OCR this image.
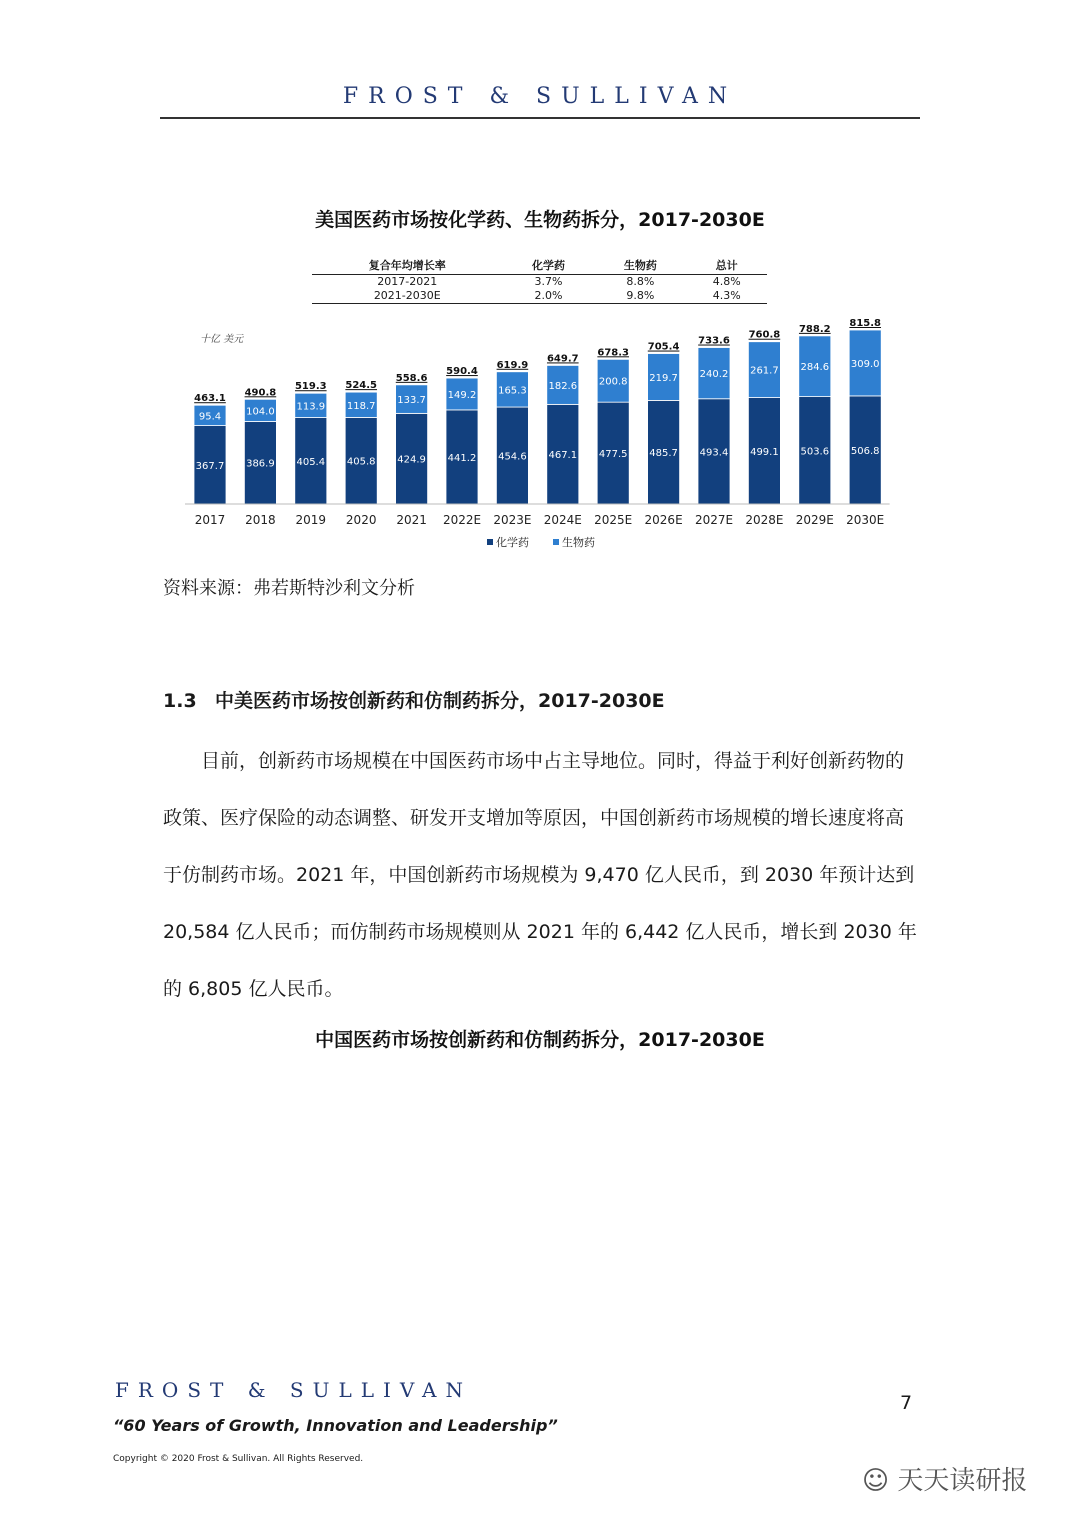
FROST & SULLIVAN
美国医药市场按化学药、生物药拆分，2017-2030E
复合年均增长率	化学药	生物药	总计
2017-2021	3.7%	8.8%	4.8%
2021-2030E	2.0%	9.8%	4.3%
十亿 美元
367.7
95.4
463.1
2017
386.9
104.0
490.8
2018
405.4
113.9
519.3
2019
405.8
118.7
524.5
2020
424.9
133.7
558.6
2021
441.2
149.2
590.4
2022E
454.6
165.3
619.9
2023E
467.1
182.6
649.7
2024E
477.5
200.8
678.3
2025E
485.7
219.7
705.4
2026E
493.4
240.2
733.6
2027E
499.1
261.7
760.8
2028E
503.6
284.6
788.2
2029E
506.8
309.0
815.8
2030E
化学药	生物药
资料来源：弗若斯特沙利文分析
1.3 中美医药市场按创新药和仿制药拆分，2017-2030E
目前，创新药市场规模在中国医药市场中占主导地位。同时，得益于利好创新药物的政策、医疗保险的动态调整、研发开支增加等原因，中国创新药市场规模的增长速度将高于仿制药市场。2021 年，中国创新药市场规模为 9,470 亿人民币，到 2030 年预计达到 20,584 亿人民币；而仿制药市场规模则从 2021 年的 6,442 亿人民币，增长到 2030 年的 6,805 亿人民币。
中国医药市场按创新药和仿制药拆分，2017-2030E
FROST & SULLIVAN
7
“60 Years of Growth, Innovation and Leadership”
Copyright © 2020 Frost & Sullivan. All Rights Reserved.
☺ 天天读研报
